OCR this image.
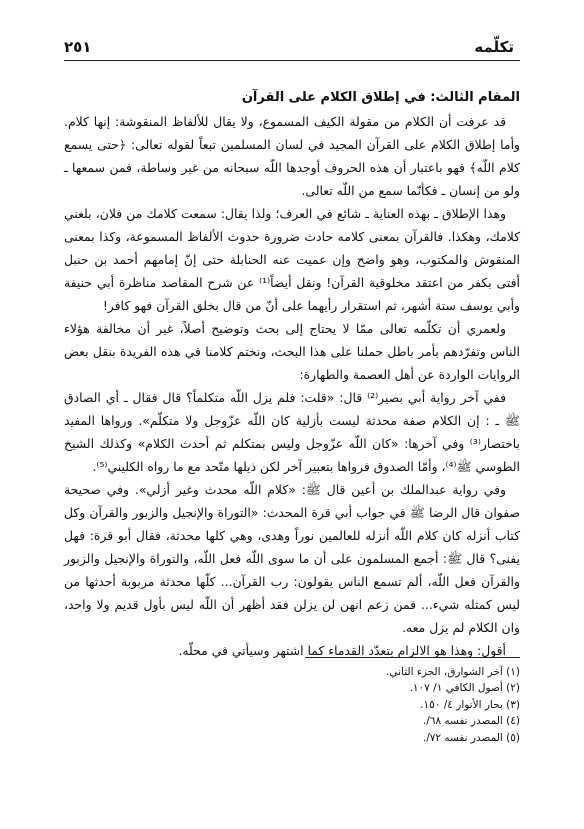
تكلّمه
٢٥١
المقام الثالث: في إطلاق الكلام على القرآن

قد عرفت أن الكلام من مقولة الكيف المسموع، ولا يقال للألفاظ المنقوشة: إنها كلام. وأما إطلاق الكلام على القرآن المجيد في لسان المسلمين تبعاً لقوله تعالى: ﴿حتى يسمع كلام اللّه﴾ فهو باعتبار أن هذه الحروف أوجدها اللّه سبحانه من غير وساطة، فمن سمعها ـ ولو من إنسان ـ فكأنّما سمع من اللّه تعالى.

وهذا الإطلاق ـ بهذه العناية ـ شائع في العرف؛ ولذا يقال: سمعت كلامك من فلان، بلغني كلامك، وهكذا. فالقرآن بمعنى كلامه حادث ضرورة حدوث الألفاظ المسموعة، وكذا بمعنى المنقوش والمكتوب، وهو واضح وإن عميت عنه الحنابلة حتى إنّ إمامهم أحمد بن حنبل أفتى بكفر من اعتقد مخلوقية القرآن! ونقل أيضاً⁽¹⁾ عن شرح المقاصد مناظرة أبي حنيفة وأبي يوسف ستة أشهر، ثم استقرار رأيهما على أنّ من قال بخلق القرآن فهو كافر!

ولعمري أن تكلّمه تعالى ممّا لا يحتاج إلى بحث وتوضيح أصلاً، غير أن مخالفة هؤلاء الناس وتفرّدهم بأمر باطل حملنا على هذا البحث، ونختم كلامنا في هذه الفريدة بنقل بعض الروايات الواردة عن أهل العصمة والطهارة:

ففي آخر رواية أبي بصير⁽²⁾ قال: «قلت: فلم يزل اللّه متكلماً؟ قال فقال ـ أي الصادق ﷺ ـ : إن الكلام صفة محدثة ليست بأزلية كان اللّه عزّوجل ولا متكلّم». ورواها المفيد باختصار⁽³⁾ وفي آخرها: «كان اللّه عزّوجل وليس بمتكلم ثم أحدث الكلام» وكذلك الشيخ الطوسي ﷺ⁽⁴⁾، وأمّا الصدوق فرواها بتعبير آخر لكن ذيلها متّحد مع ما رواه الكليني⁽⁵⁾.

وفي رواية عبدالملك بن أعين قال ﷺ: «كلام اللّه محدث وغير أزلي». وفي صحيحة صفوان قال الرضا ﷺ في جواب أبي قرة المحدث: «التوراة والإنجيل والزبور والقرآن وكل كتاب أنزله كان كلام اللّه أنزله للعالمين نوراً وهدى، وهي كلها محدثة، فقال أبو قرة: فهل يفنى؟ قال ﷺ: أجمع المسلمون على أن ما سوى اللّه فعل اللّه، والتوراة والإنجيل والزبور والقرآن فعل اللّه، ألم تسمع الناس يقولون: رب القرآن... كلّها محدثة مربوبة أحدثها من ليس كمثله شيء... فمن زعم انهن لن يزلن فقد أظهر أن اللّه ليس بأول قديم ولا واحد، وان الكلام لم يزل معه.

أقول: وهذا هو الالزام بتعدّد القدماء كما اشتهر وسيأتي في محلّه.

(١) آخر الشوارق، الجزء الثاني.
(٢) أصول الكافي ١/ ١٠٧.
(٣) بحار الأنوار ٤/ ١٥٠.
(٤) المصدر نفسه ٦٨/.
(٥) المصدر نفسه ٧٢/.
